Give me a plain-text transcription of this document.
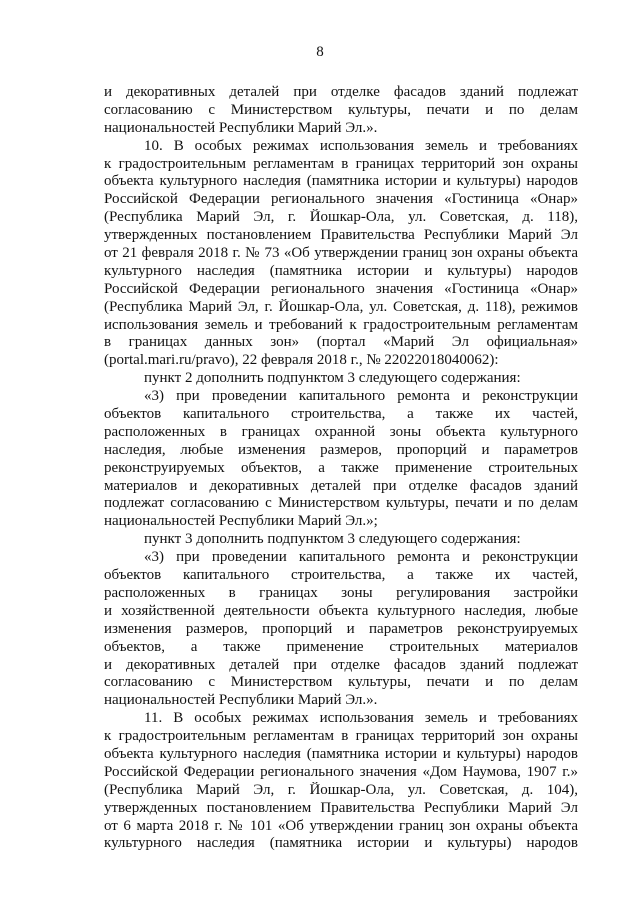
8
и декоративных деталей при отделке фасадов зданий подлежат
согласованию с Министерством культуры, печати и по делам
национальностей Республики Марий Эл.».
10. В особых режимах использования земель и требованиях
к градостроительным регламентам в границах территорий зон охраны
объекта культурного наследия (памятника истории и культуры) народов
Российской Федерации регионального значения «Гостиница «Онар»
(Республика Марий Эл, г. Йошкар-Ола, ул. Советская, д. 118),
утвержденных постановлением Правительства Республики Марий Эл
от 21 февраля 2018 г. № 73 «Об утверждении границ зон охраны объекта
культурного наследия (памятника истории и культуры) народов
Российской Федерации регионального значения «Гостиница «Онар»
(Республика Марий Эл, г. Йошкар-Ола, ул. Советская, д. 118), режимов
использования земель и требований к градостроительным регламентам
в границах данных зон» (портал «Марий Эл официальная»
(portal.mari.ru/pravo), 22 февраля 2018 г., № 22022018040062):
пункт 2 дополнить подпунктом 3 следующего содержания:
«3) при проведении капитального ремонта и реконструкции
объектов капитального строительства, а также их частей,
расположенных в границах охранной зоны объекта культурного
наследия, любые изменения размеров, пропорций и параметров
реконструируемых объектов, а также применение строительных
материалов и декоративных деталей при отделке фасадов зданий
подлежат согласованию с Министерством культуры, печати и по делам
национальностей Республики Марий Эл.»;
пункт 3 дополнить подпунктом 3 следующего содержания:
«3) при проведении капитального ремонта и реконструкции
объектов капитального строительства, а также их частей,
расположенных в границах зоны регулирования застройки
и хозяйственной деятельности объекта культурного наследия, любые
изменения размеров, пропорций и параметров реконструируемых
объектов, а также применение строительных материалов
и декоративных деталей при отделке фасадов зданий подлежат
согласованию с Министерством культуры, печати и по делам
национальностей Республики Марий Эл.».
11. В особых режимах использования земель и требованиях
к градостроительным регламентам в границах территорий зон охраны
объекта культурного наследия (памятника истории и культуры) народов
Российской Федерации регионального значения «Дом Наумова, 1907 г.»
(Республика Марий Эл, г. Йошкар-Ола, ул. Советская, д. 104),
утвержденных постановлением Правительства Республики Марий Эл
от 6 марта 2018 г. № 101 «Об утверждении границ зон охраны объекта
культурного наследия (памятника истории и культуры) народов
